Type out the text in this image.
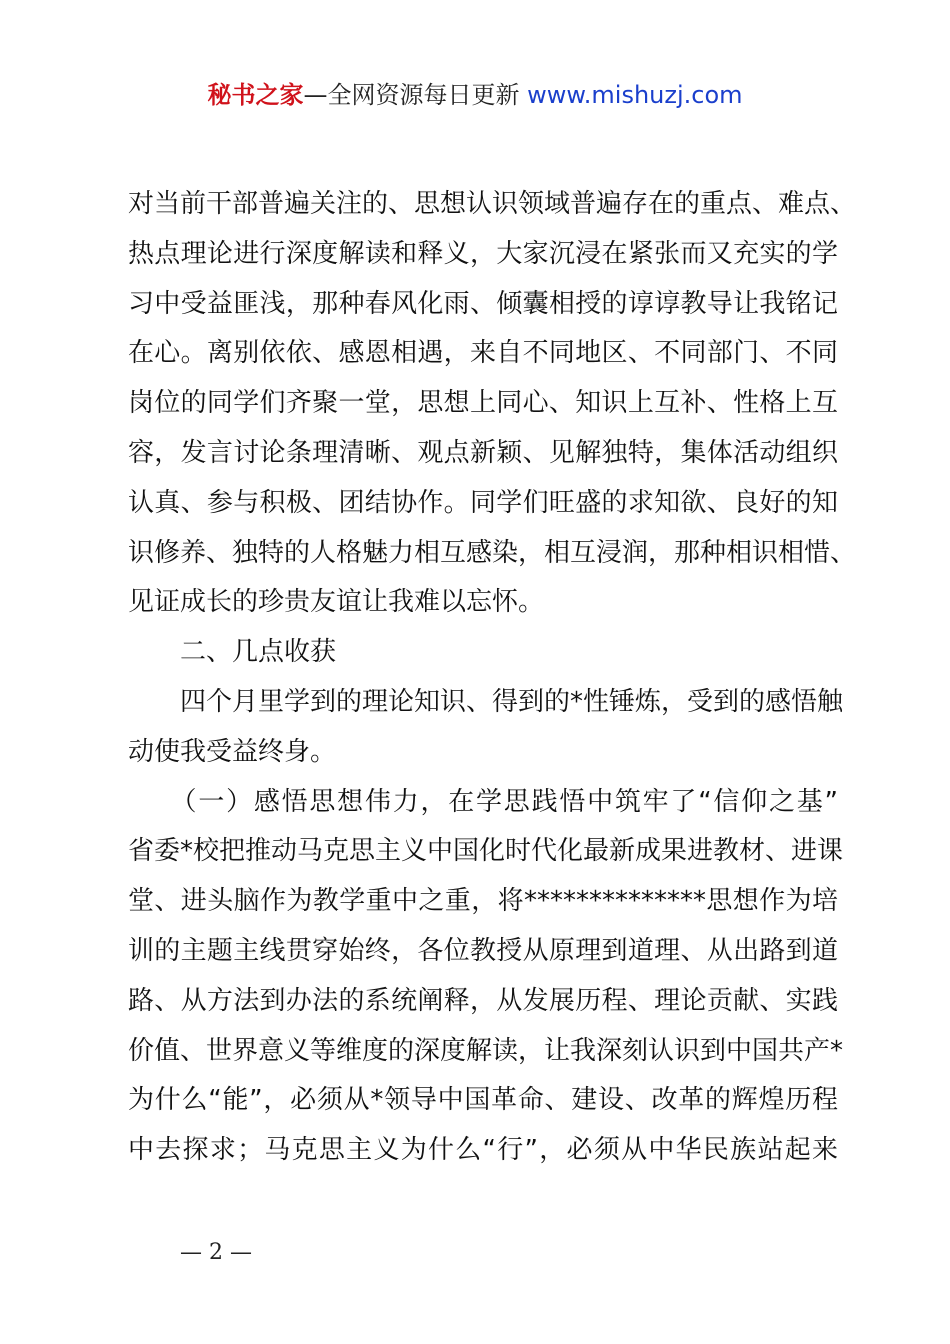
秘书之家—全网资源每日更新 www.mishuzj.com
对当前干部普遍关注的、思想认识领域普遍存在的重点、难点、
热点理论进行深度解读和释义，大家沉浸在紧张而又充实的学
习中受益匪浅，那种春风化雨、倾囊相授的谆谆教导让我铭记
在心。离别依依、感恩相遇，来自不同地区、不同部门、不同
岗位的同学们齐聚一堂，思想上同心、知识上互补、性格上互
容，发言讨论条理清晰、观点新颖、见解独特，集体活动组织
认真、参与积极、团结协作。同学们旺盛的求知欲、良好的知
识修养、独特的人格魅力相互感染，相互浸润，那种相识相惜、
见证成长的珍贵友谊让我难以忘怀。
　　二、几点收获
　　四个月里学到的理论知识、得到的*性锤炼，受到的感悟触
动使我受益终身。
　　（一）感悟思想伟力，在学思践悟中筑牢了“信仰之基”
省委*校把推动马克思主义中国化时代化最新成果进教材、进课
堂、进头脑作为教学重中之重，将**************思想作为培
训的主题主线贯穿始终，各位教授从原理到道理、从出路到道
路、从方法到办法的系统阐释，从发展历程、理论贡献、实践
价值、世界意义等维度的深度解读，让我深刻认识到中国共产*
为什么“能”，必须从*领导中国革命、建设、改革的辉煌历程
中去探求；马克思主义为什么“行”，必须从中华民族站起来
— 2 —
